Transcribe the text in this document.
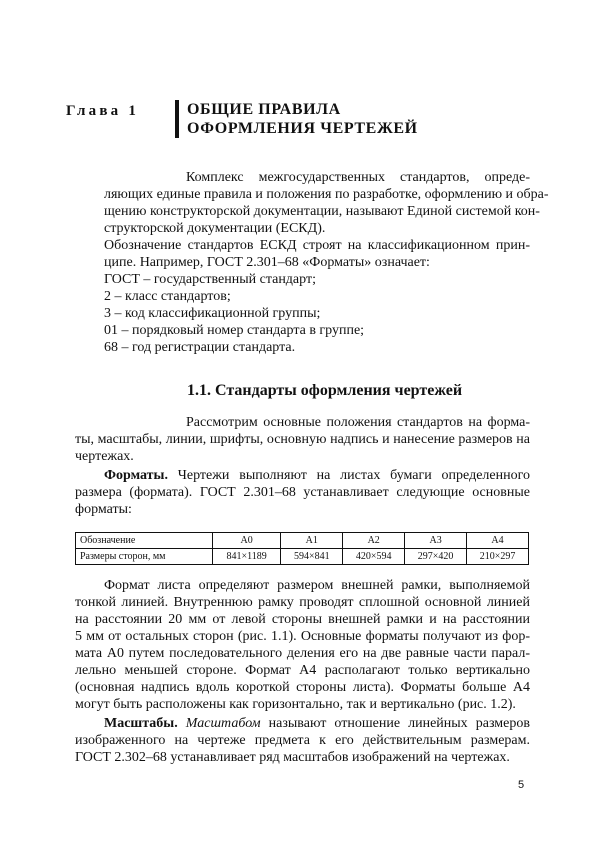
Глава 1	ОБЩИЕ ПРАВИЛА
ОФОРМЛЕНИЯ ЧЕРТЕЖЕЙ
Комплекс межгосударственных стандартов, опреде-
ляющих единые правила и положения по разработке, оформлению и обра-
щению конструкторской документации, называют Единой системой кон-
структорской документации (ЕСКД).
Обозначение стандартов ЕСКД строят на классификационном прин-
ципе. Например, ГОСТ 2.301–68 «Форматы» означает:
ГОСТ – государственный стандарт;
2 – класс стандартов;
3 – код классификационной группы;
01 – порядковый номер стандарта в группе;
68 – год регистрации стандарта.
1.1. Стандарты оформления чертежей
Рассмотрим основные положения стандартов на форма-
ты, масштабы, линии, шрифты, основную надпись и нанесение размеров на
чертежах.
Форматы. Чертежи выполняют на листах бумаги определенного
размера (формата). ГОСТ 2.301–68 устанавливает следующие основные
форматы:
Обозначение	А0	А1	А2	А3	А4
Размеры сторон, мм	841×1189	594×841	420×594	297×420	210×297
Формат листа определяют размером внешней рамки, выполняемой
тонкой линией. Внутреннюю рамку проводят сплошной основной линией
на расстоянии 20 мм от левой стороны внешней рамки и на расстоянии
5 мм от остальных сторон (рис. 1.1). Основные форматы получают из фор-
мата А0 путем последовательного деления его на две равные части парал-
лельно меньшей стороне. Формат А4 располагают только вертикально
(основная надпись вдоль короткой стороны листа). Форматы больше А4
могут быть расположены как горизонтально, так и вертикально (рис. 1.2).
Масштабы. Масштабом называют отношение линейных размеров
изображенного на чертеже предмета к его действительным размерам.
ГОСТ 2.302–68 устанавливает ряд масштабов изображений на чертежах.
5
